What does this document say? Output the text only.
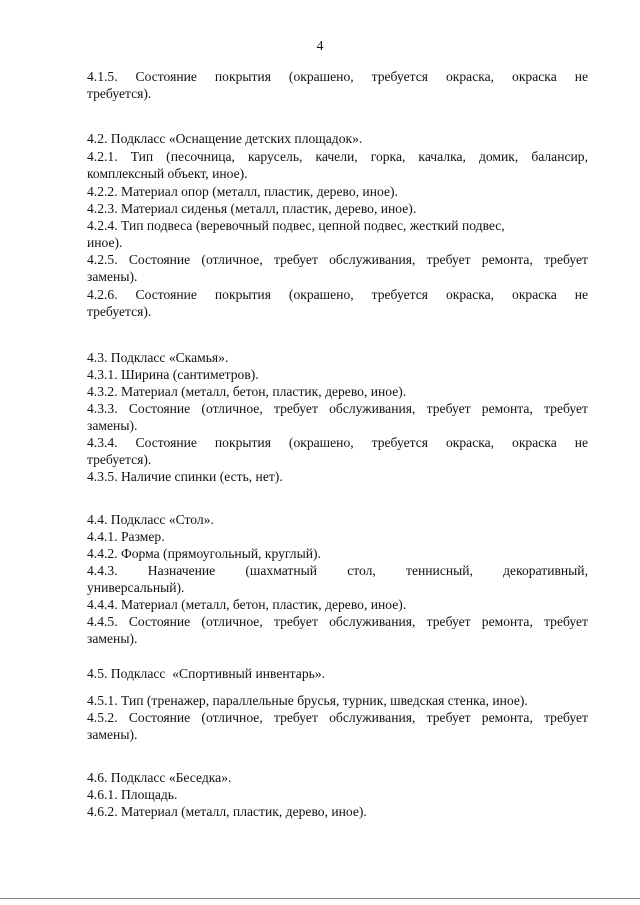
4
4.1.5. Состояние покрытия (окрашено, требуется окраска, окраска не
требуется).
4.2. Подкласс «Оснащение детских площадок».
4.2.1. Тип (песочница, карусель, качели, горка, качалка, домик, балансир,
комплексный объект, иное).
4.2.2. Материал опор (металл, пластик, дерево, иное).
4.2.3. Материал сиденья (металл, пластик, дерево, иное).
4.2.4. Тип подвеса (веревочный подвес, цепной подвес, жесткий подвес,
иное).
4.2.5. Состояние (отличное, требует обслуживания, требует ремонта, требует
замены).
4.2.6. Состояние покрытия (окрашено, требуется окраска, окраска не
требуется).
4.3. Подкласс «Скамья».
4.3.1. Ширина (сантиметров).
4.3.2. Материал (металл, бетон, пластик, дерево, иное).
4.3.3. Состояние (отличное, требует обслуживания, требует ремонта, требует
замены).
4.3.4. Состояние покрытия (окрашено, требуется окраска, окраска не
требуется).
4.3.5. Наличие спинки (есть, нет).
4.4. Подкласс «Стол».
4.4.1. Размер.
4.4.2. Форма (прямоугольный, круглый).
4.4.3. Назначение (шахматный стол, теннисный, декоративный,
универсальный).
4.4.4. Материал (металл, бетон, пластик, дерево, иное).
4.4.5. Состояние (отличное, требует обслуживания, требует ремонта, требует
замены).
4.5. Подкласс  «Спортивный инвентарь».
4.5.1. Тип (тренажер, параллельные брусья, турник, шведская стенка, иное).
4.5.2. Состояние (отличное, требует обслуживания, требует ремонта, требует
замены).
4.6. Подкласс «Беседка».
4.6.1. Площадь.
4.6.2. Материал (металл, пластик, дерево, иное).
